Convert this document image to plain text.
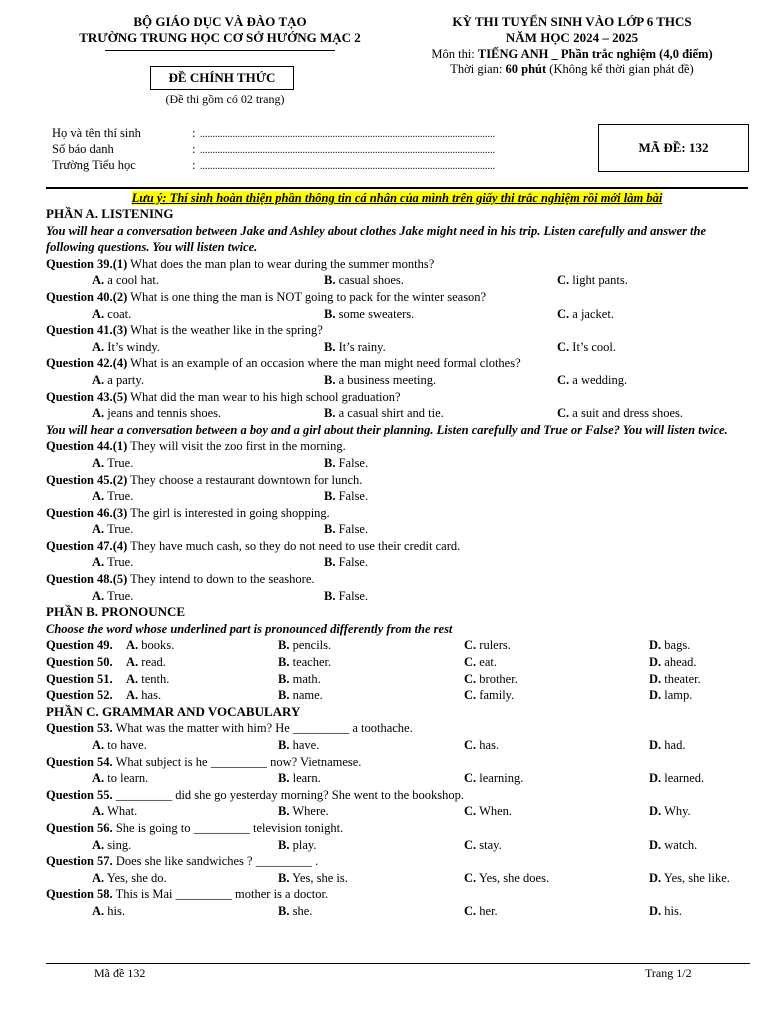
BỘ GIÁO DỤC VÀ ĐÀO TẠO
TRƯỜNG TRUNG HỌC CƠ SỞ HƯỚNG MẠC 2
KỲ THI TUYỂN SINH VÀO LỚP 6 THCS
NĂM HỌC 2024 – 2025
Môn thi: TIẾNG ANH _ Phần trắc nghiệm (4,0 điểm)
Thời gian: 60 phút (Không kể thời gian phát đề)
ĐỀ CHÍNH THỨC
(Đề thi gồm có 02 trang)
Họ và tên thí sinh	: ......................................................................................................................
Số báo danh	: ......................................................................................................................
Trường Tiểu học	: ......................................................................................................................
MÃ ĐỀ: 132
Lưu ý: Thí sinh hoàn thiện phần thông tin cá nhân của mình trên giấy thi trắc nghiệm rồi mới làm bài
PHẦN A. LISTENING
You will hear a conversation between Jake and Ashley about clothes Jake might need in his trip. Listen carefully and answer the following questions. You will listen twice.
Question 39.(1) What does the man plan to wear during the summer months?
A. a cool hat.	B. casual shoes.	C. light pants.
Question 40.(2) What is one thing the man is NOT going to pack for the winter season?
A. coat.	B. some sweaters.	C. a jacket.
Question 41.(3) What is the weather like in the spring?
A. It’s windy.	B. It’s rainy.	C. It’s cool.
Question 42.(4) What is an example of an occasion where the man might need formal clothes?
A. a party.	B. a business meeting.	C. a wedding.
Question 43.(5) What did the man wear to his high school graduation?
A. jeans and tennis shoes.	B. a casual shirt and tie.	C. a suit and dress shoes.
You will hear a conversation between a boy and a girl about their planning. Listen carefully and True or False? You will listen twice.
Question 44.(1) They will visit the zoo first in the morning.
A. True.	B. False.
Question 45.(2) They choose a restaurant downtown for lunch.
A. True.	B. False.
Question 46.(3) The girl is interested in going shopping.
A. True.	B. False.
Question 47.(4) They have much cash, so they do not need to use their credit card.
A. True.	B. False.
Question 48.(5) They intend to down to the seashore.
A. True.	B. False.
PHẦN B. PRONOUNCE
Choose the word whose underlined part is pronounced differently from the rest
Question 49. A. books.	B. pencils.	C. rulers.	D. bags.
Question 50. A. read.	B. teacher.	C. eat.	D. ahead.
Question 51. A. tenth.	B. math.	C. brother.	D. theater.
Question 52. A. has.	B. name.	C. family.	D. lamp.
PHẦN C. GRAMMAR AND VOCABULARY
Question 53. What was the matter with him? He _________ a toothache.
A. to have.	B. have.	C. has.	D. had.
Question 54. What subject is he _________ now? Vietnamese.
A. to learn.	B. learn.	C. learning.	D. learned.
Question 55. _________ did she go yesterday morning? She went to the bookshop.
A. What.	B. Where.	C. When.	D. Why.
Question 56. She is going to _________ television tonight.
A. sing.	B. play.	C. stay.	D. watch.
Question 57. Does she like sandwiches ? _________ .
A. Yes, she do.	B. Yes, she is.	C. Yes, she does.	D. Yes, she like.
Question 58. This is Mai _________ mother is a doctor.
A. his.	B. she.	C. her.	D. his.
Mã đề 132	Trang 1/2
